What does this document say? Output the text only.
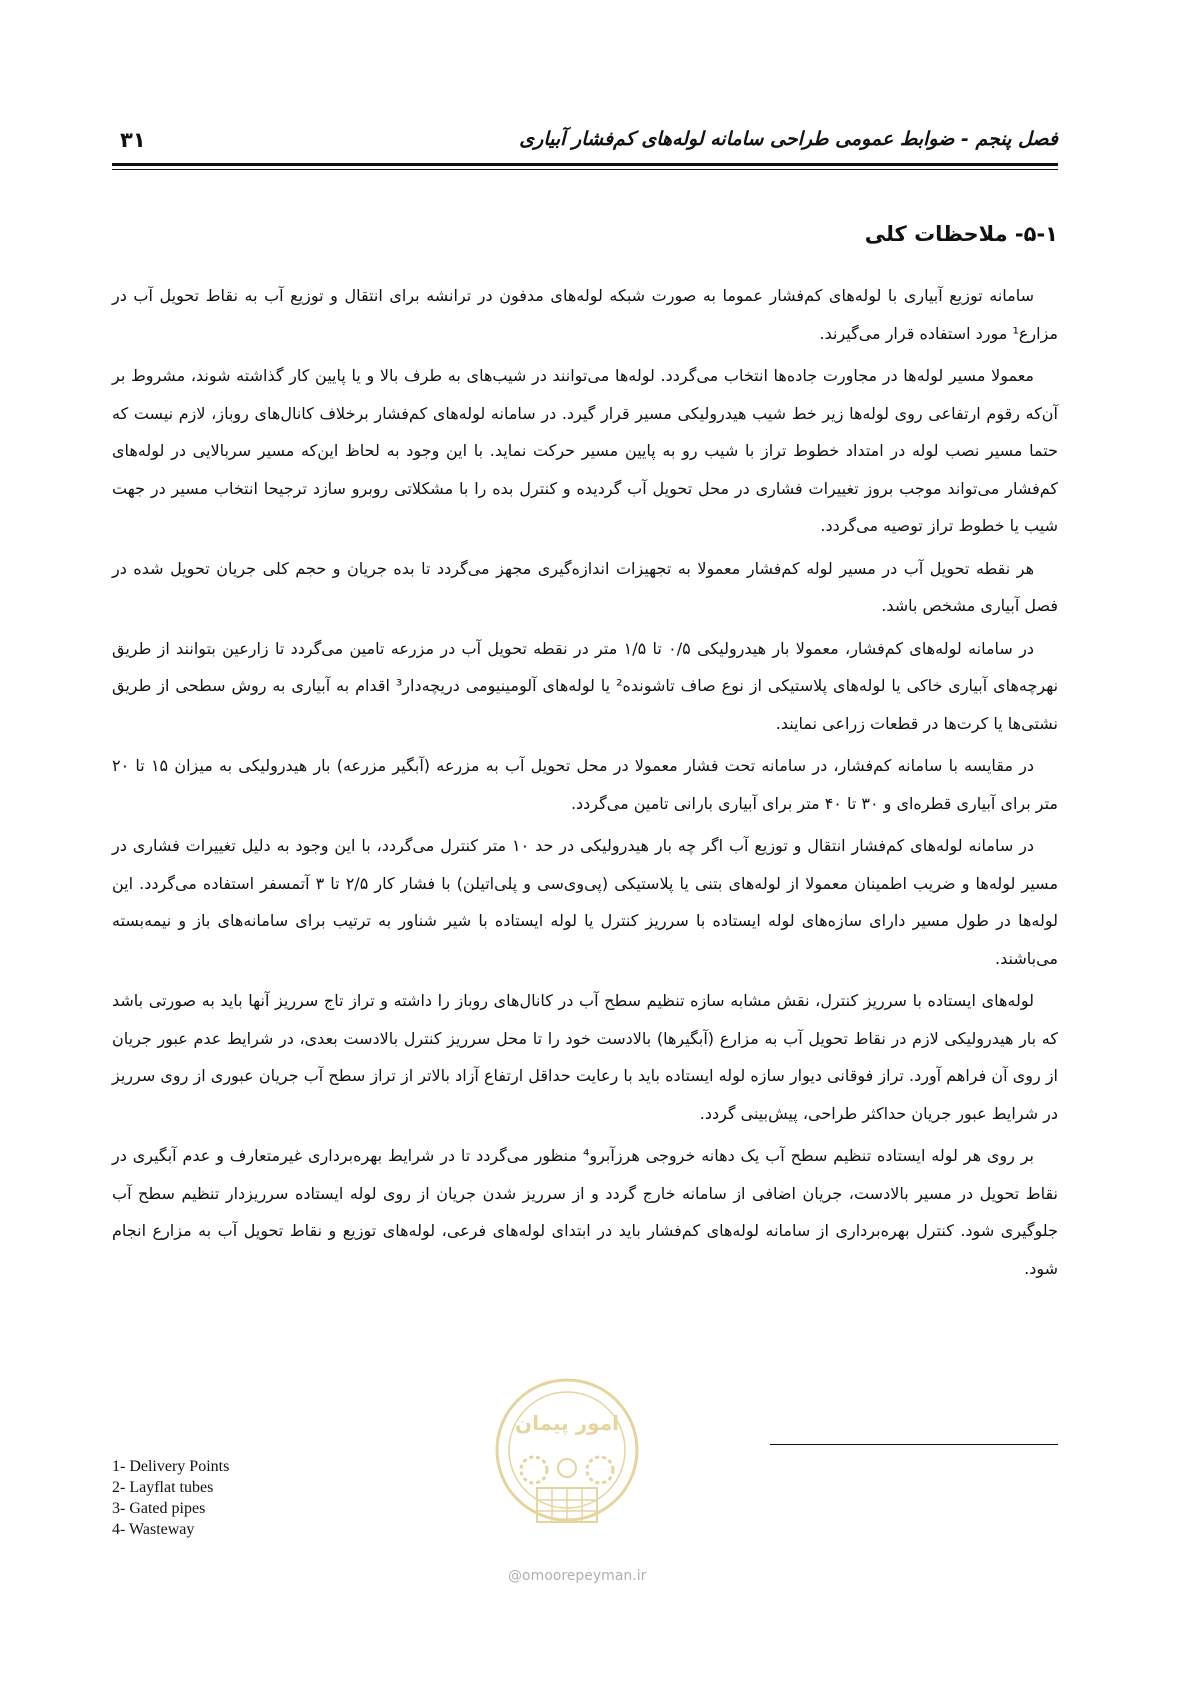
فصل پنجم - ضوابط عمومی طراحی سامانه لوله‌های کم‌فشار آبیاری
۳۱
۵-۱- ملاحظات کلی

سامانه توزیع آبیاری با لوله‌های کم‌فشار عموما به صورت شبکه لوله‌های مدفون در ترانشه برای انتقال و توزیع آب به نقاط تحویل آب در مزارع¹ مورد استفاده قرار می‌گیرند.

معمولا مسیر لوله‌ها در مجاورت جاده‌ها انتخاب می‌گردد. لوله‌ها می‌توانند در شیب‌های به طرف بالا و یا پایین کار گذاشته شوند، مشروط بر آن‌که رقوم ارتفاعی روی لوله‌ها زیر خط شیب هیدرولیکی مسیر قرار گیرد. در سامانه لوله‌های کم‌فشار برخلاف کانال‌های روباز، لازم نیست که حتما مسیر نصب لوله در امتداد خطوط تراز با شیب رو به پایین مسیر حرکت نماید. با این وجود به لحاظ این‌که مسیر سربالایی در لوله‌های کم‌فشار می‌تواند موجب بروز تغییرات فشاری در محل تحویل آب گردیده و کنترل بده را با مشکلاتی روبرو سازد ترجیحا انتخاب مسیر در جهت شیب یا خطوط تراز توصیه می‌گردد.

هر نقطه تحویل آب در مسیر لوله کم‌فشار معمولا به تجهیزات اندازه‌گیری مجهز می‌گردد تا بده جریان و حجم کلی جریان تحویل شده در فصل آبیاری مشخص باشد.

در سامانه لوله‌های کم‌فشار، معمولا بار هیدرولیکی ۰/۵ تا ۱/۵ متر در نقطه تحویل آب در مزرعه تامین می‌گردد تا زارعین بتوانند از طریق نهرچه‌های آبیاری خاکی یا لوله‌های پلاستیکی از نوع صاف تاشونده² یا لوله‌های آلومینیومی دریچه‌دار³ اقدام به آبیاری به روش سطحی از طریق نشتی‌ها یا کرت‌ها در قطعات زراعی نمایند.

در مقایسه با سامانه کم‌فشار، در سامانه تحت فشار معمولا در محل تحویل آب به مزرعه (آبگیر مزرعه) بار هیدرولیکی به میزان ۱۵ تا ۲۰ متر برای آبیاری قطره‌ای و ۳۰ تا ۴۰ متر برای آبیاری بارانی تامین می‌گردد.

در سامانه لوله‌های کم‌فشار انتقال و توزیع آب اگر چه بار هیدرولیکی در حد ۱۰ متر کنترل می‌گردد، با این وجود به دلیل تغییرات فشاری در مسیر لوله‌ها و ضریب اطمینان معمولا از لوله‌های بتنی یا پلاستیکی (پی‌وی‌سی و پلی‌اتیلن) با فشار کار ۲/۵ تا ۳ آتمسفر استفاده می‌گردد. این لوله‌ها در طول مسیر دارای سازه‌های لوله ایستاده با سرریز کنترل یا لوله ایستاده با شیر شناور به ترتیب برای سامانه‌های باز و نیمه‌بسته می‌باشند.

لوله‌های ایستاده با سرریز کنترل، نقش مشابه سازه تنظیم سطح آب در کانال‌های روباز را داشته و تراز تاج سرریز آنها باید به صورتی باشد که بار هیدرولیکی لازم در نقاط تحویل آب به مزارع (آبگیرها) بالادست خود را تا محل سرریز کنترل بالادست بعدی، در شرایط عدم عبور جریان از روی آن فراهم آورد. تراز فوقانی دیوار سازه لوله ایستاده باید با رعایت حداقل ارتفاع آزاد بالاتر از تراز سطح آب جریان عبوری از روی سرریز در شرایط عبور جریان حداکثر طراحی، پیش‌بینی گردد.

بر روی هر لوله ایستاده تنظیم سطح آب یک دهانه خروجی هرزآبرو⁴ منظور می‌گردد تا در شرایط بهره‌برداری غیرمتعارف و عدم آبگیری در نقاط تحویل در مسیر بالادست، جریان اضافی از سامانه خارج گردد و از سرریز شدن جریان از روی لوله ایستاده سرریزدار تنظیم سطح آب جلوگیری شود. کنترل بهره‌برداری از سامانه لوله‌های کم‌فشار باید در ابتدای لوله‌های فرعی، لوله‌های توزیع و نقاط تحویل آب به مزارع انجام شود.

امور پیمان
@omoorepeyman.ir
1- Delivery Points
2- Layflat tubes
3- Gated pipes
4- Wasteway
